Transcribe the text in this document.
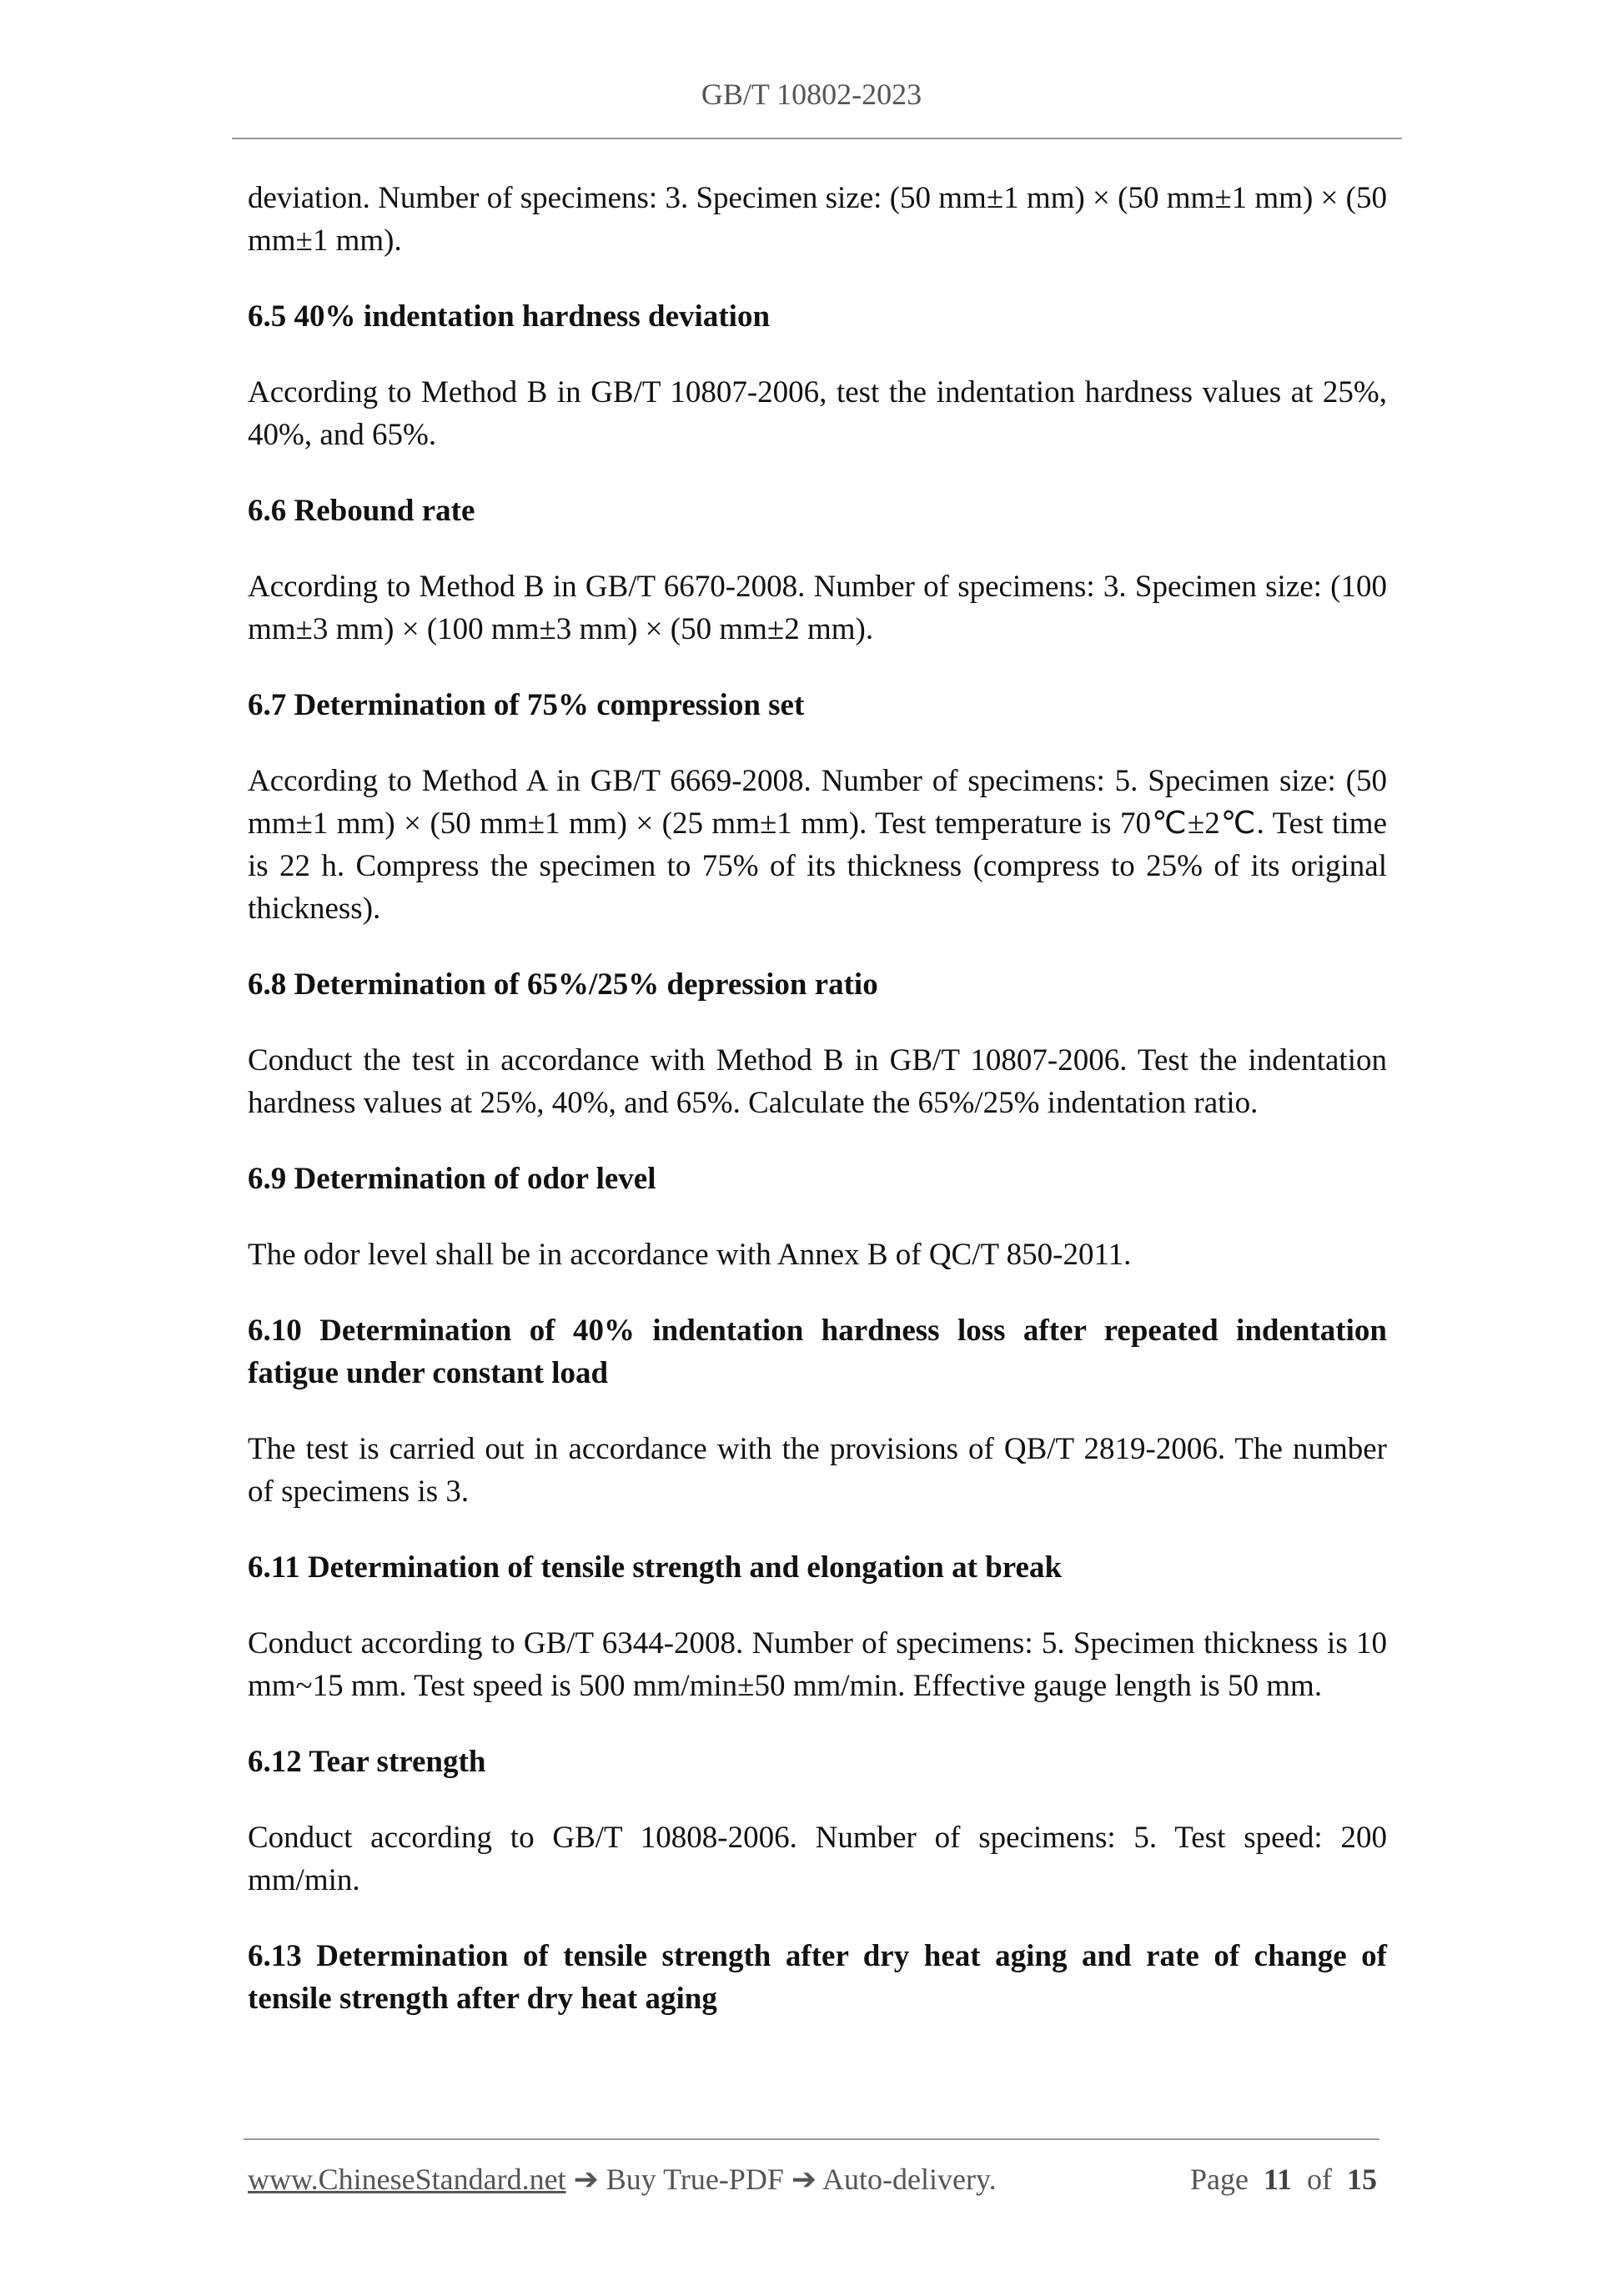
GB/T 10802-2023

deviation. Number of specimens: 3. Specimen size: (50 mm±1 mm) × (50 mm±1 mm) × (50 mm±1 mm).

6.5 40% indentation hardness deviation

According to Method B in GB/T 10807-2006, test the indentation hardness values at 25%, 40%, and 65%.

6.6 Rebound rate

According to Method B in GB/T 6670-2008. Number of specimens: 3. Specimen size: (100 mm±3 mm) × (100 mm±3 mm) × (50 mm±2 mm).

6.7 Determination of 75% compression set

According to Method A in GB/T 6669-2008. Number of specimens: 5. Specimen size: (50 mm±1 mm) × (50 mm±1 mm) × (25 mm±1 mm). Test temperature is 70℃±2℃. Test time is 22 h. Compress the specimen to 75% of its thickness (compress to 25% of its original thickness).

6.8 Determination of 65%/25% depression ratio

Conduct the test in accordance with Method B in GB/T 10807-2006. Test the indentation hardness values at 25%, 40%, and 65%. Calculate the 65%/25% indentation ratio.

6.9 Determination of odor level

The odor level shall be in accordance with Annex B of QC/T 850-2011.

6.10 Determination of 40% indentation hardness loss after repeated indentation fatigue under constant load

The test is carried out in accordance with the provisions of QB/T 2819-2006. The number of specimens is 3.

6.11 Determination of tensile strength and elongation at break

Conduct according to GB/T 6344-2008. Number of specimens: 5. Specimen thickness is 10 mm~15 mm. Test speed is 500 mm/min±50 mm/min. Effective gauge length is 50 mm.

6.12 Tear strength

Conduct according to GB/T 10808-2006. Number of specimens: 5. Test speed: 200 mm/min.

6.13 Determination of tensile strength after dry heat aging and rate of change of tensile strength after dry heat aging
www.ChineseStandard.net ➔ Buy True-PDF ➔ Auto-delivery.	Page 11 of 15
